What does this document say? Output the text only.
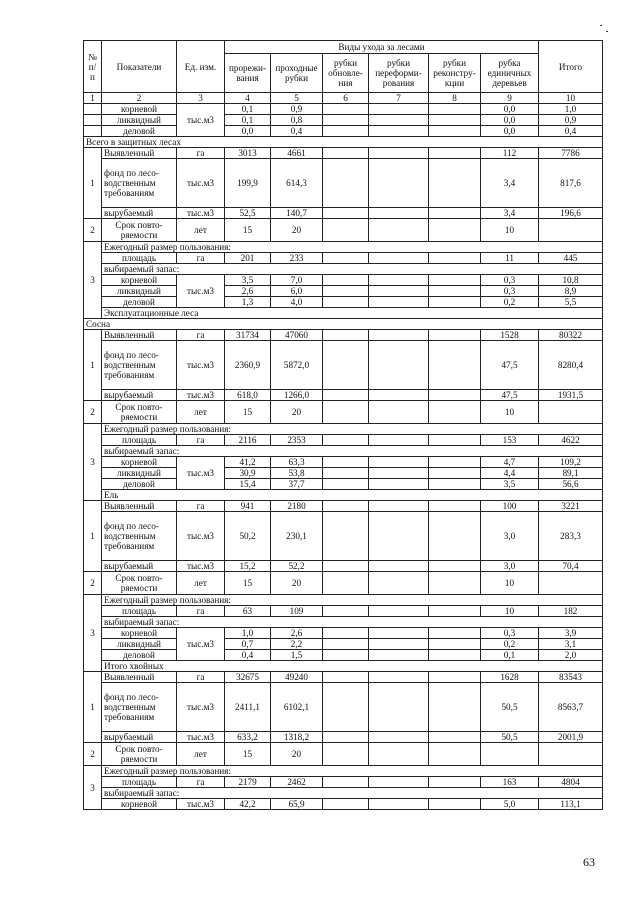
№ п/ п	Показатели	Ед. изм.	Виды ухода за лесами						Итого
			прорежи-вания	проходные рубки	рубки обновле-ния	рубки переформи-рования	рубки реконстру-кции	рубка единичных деревьев	
1	2	3	4	5	6	7	8	9	10
	корневой	тыс.м3	0,1	0,9				0,0	1,0
	ликвидный		0,1	0,8				0,0	0,9
	деловой		0,0	0,4				0,0	0,4
Всего в защитных лесах									
1	Выявленный	га	3013	4661				112	7786
	фонд по лесо-водственным требованиям	тыс.м3	199,9	614,3				3,4	817,6
	вырубаемый	тыс.м3	52,5	140,7				3,4	196,6
2	Срок повто-ряемости	лет	15	20				10	
3	Ежегодный размер пользования:								
	площадь	га	201	233				11	445
	выбираемый запас:								
	корневой	тыс.м3	3,5	7,0				0,3	10,8
	ликвидный		2,6	6,0				0,3	8,9
	деловой		1,3	4,0				0,2	5,5
	Эксплуатационные леса								
Сосна									
1	Выявленный	га	31734	47060				1528	80322
	фонд по лесо-водственным требованиям	тыс.м3	2360,9	5872,0				47,5	8280,4
	вырубаемый	тыс.м3	618,0	1266,0				47,5	1931,5
2	Срок повто-ряемости	лет	15	20				10	
3	Ежегодный размер пользования:								
	площадь	га	2116	2353				153	4622
	выбираемый запас:								
	корневой	тыс.м3	41,2	63,3				4,7	109,2
	ликвидный		30,9	53,8				4,4	89,1
	деловой		15,4	37,7				3,5	56,6
	Ель								
1	Выявленный	га	941	2180				100	3221
	фонд по лесо-водственным требованиям	тыс.м3	50,2	230,1				3,0	283,3
	вырубаемый	тыс.м3	15,2	52,2				3,0	70,4
2	Срок повто-ряемости	лет	15	20				10	
3	Ежегодный размер пользования:								
	площадь	га	63	109				10	182
	выбираемый запас:								
	корневой	тыс.м3	1,0	2,6				0,3	3,9
	ликвидный		0,7	2,2				0,2	3,1
	деловой		0,4	1,5				0,1	2,0
	Итого хвойных								
1	Выявленный	га	32675	49240				1628	83543
	фонд по лесо-водственным требованиям	тыс.м3	2411,1	6102,1				50,5	8563,7
	вырубаемый	тыс.м3	633,2	1318,2				50,5	2001,9
2	Срок повто-ряемости	лет	15	20					
3	Ежегодный размер пользования:								
	площадь	га	2179	2462				163	4804
	выбираемый запас:								
	корневой	тыс.м3	42,2	65,9				5,0	113,1
63
